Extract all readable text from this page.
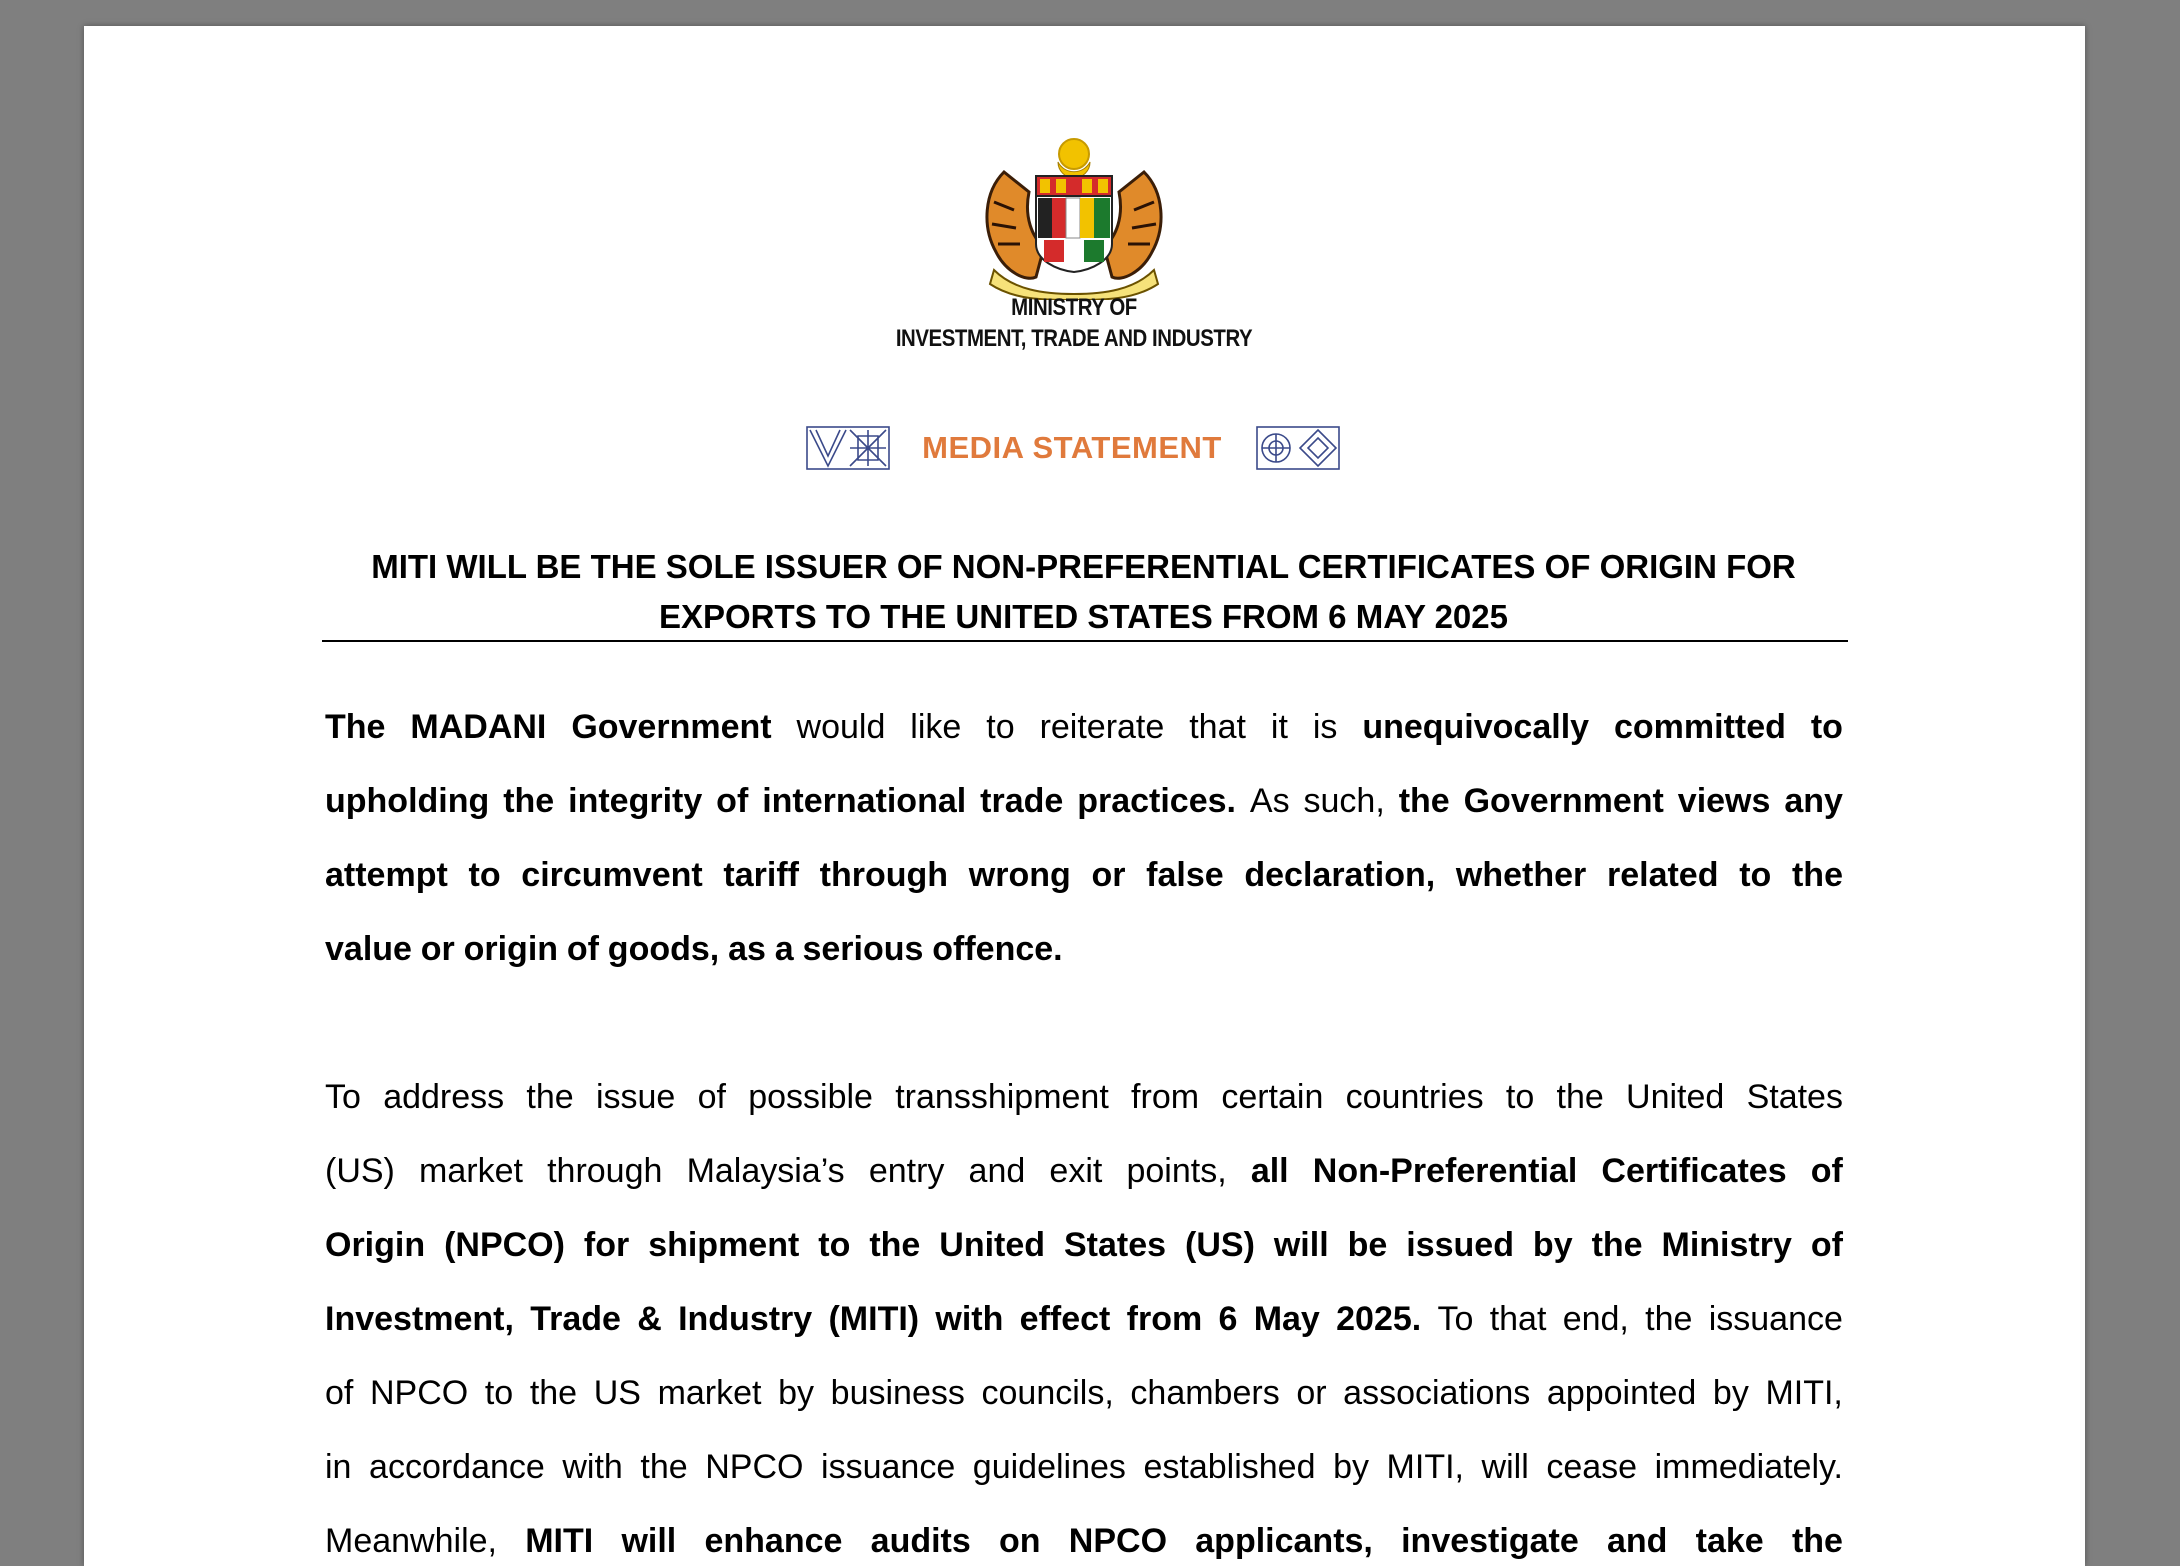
MINISTRY OF
INVESTMENT, TRADE AND INDUSTRY
MEDIA STATEMENT
MITI WILL BE THE SOLE ISSUER OF NON-PREFERENTIAL CERTIFICATES OF ORIGIN FOR
EXPORTS TO THE UNITED STATES FROM 6 MAY 2025
The MADANI Government would like to reiterate that it is unequivocally committed to
upholding the integrity of international trade practices. As such, the Government views any
attempt to circumvent tariff through wrong or false declaration, whether related to the
value or origin of goods, as a serious offence.
To address the issue of possible transshipment from certain countries to the United States
(US) market through Malaysia’s entry and exit points, all Non-Preferential Certificates of
Origin (NPCO) for shipment to the United States (US) will be issued by the Ministry of
Investment, Trade & Industry (MITI) with effect from 6 May 2025. To that end, the issuance
of NPCO to the US market by business councils, chambers or associations appointed by MITI,
in accordance with the NPCO issuance guidelines established by MITI, will cease immediately.
Meanwhile, MITI will enhance audits on NPCO applicants, investigate and take the
